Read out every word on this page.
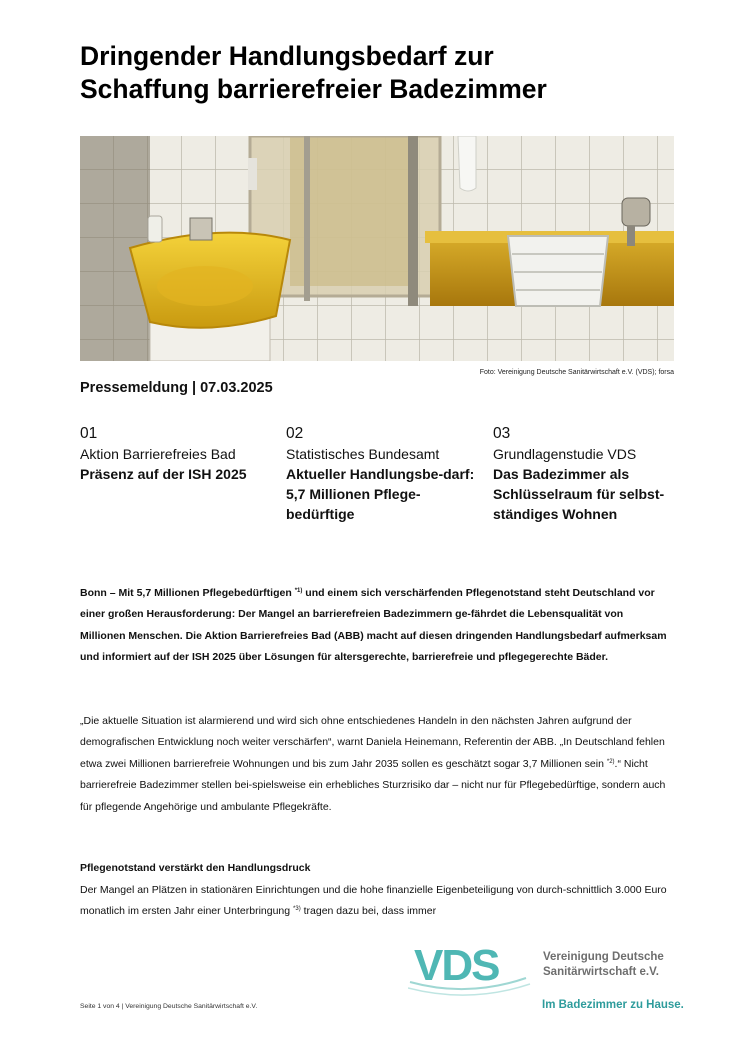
Dringender Handlungsbedarf zur
Schaffung barrierefreier Badezimmer
Foto: Vereinigung Deutsche Sanitärwirtschaft e.V. (VDS); forsa
Pressemeldung | 07.03.2025
01
Aktion Barrierefreies Bad
Präsenz auf der ISH 2025
02
Statistisches Bundesamt
Aktueller Handlungsbe-darf: 5,7 Millionen Pflege-bedürftige
03
Grundlagenstudie VDS
Das Badezimmer als Schlüsselraum für selbst-ständiges Wohnen

Bonn – Mit 5,7 Millionen Pflegebedürftigen $^{*1)}$ und einem sich verschärfenden Pflegenotstand steht Deutschland vor einer großen Herausforderung: Der Mangel an barrierefreien Badezimmern ge-fährdet die Lebensqualität von Millionen Menschen. Die Aktion Barrierefreies Bad (ABB) macht auf diesen dringenden Handlungsbedarf aufmerksam und informiert auf der ISH 2025 über Lösungen für altersgerechte, barrierefreie und pflegegerechte Bäder.

„Die aktuelle Situation ist alarmierend und wird sich ohne entschiedenes Handeln in den nächsten Jahren aufgrund der demografischen Entwicklung noch weiter verschärfen“, warnt Daniela Heinemann, Referentin der ABB. „In Deutschland fehlen etwa zwei Millionen barrierefreie Wohnungen und bis zum Jahr 2035 sollen es geschätzt sogar 3,7 Millionen sein $^{*2)}$.“ Nicht barrierefreie Badezimmer stellen bei-spielsweise ein erhebliches Sturzrisiko dar – nicht nur für Pflegebedürftige, sondern auch für pflegende Angehörige und ambulante Pflegekräfte.

Pflegenotstand verstärkt den Handlungsdruck

Der Mangel an Plätzen in stationären Einrichtungen und die hohe finanzielle Eigenbeteiligung von durch-schnittlich 3.000 Euro monatlich im ersten Jahr einer Unterbringung $^{*3)}$ tragen dazu bei, dass immer

VDS	Vereinigung Deutsche
Sanitärwirtschaft e.V.
Im Badezimmer zu Hause.
Seite 1 von 4 | Vereinigung Deutsche Sanitärwirtschaft e.V.
